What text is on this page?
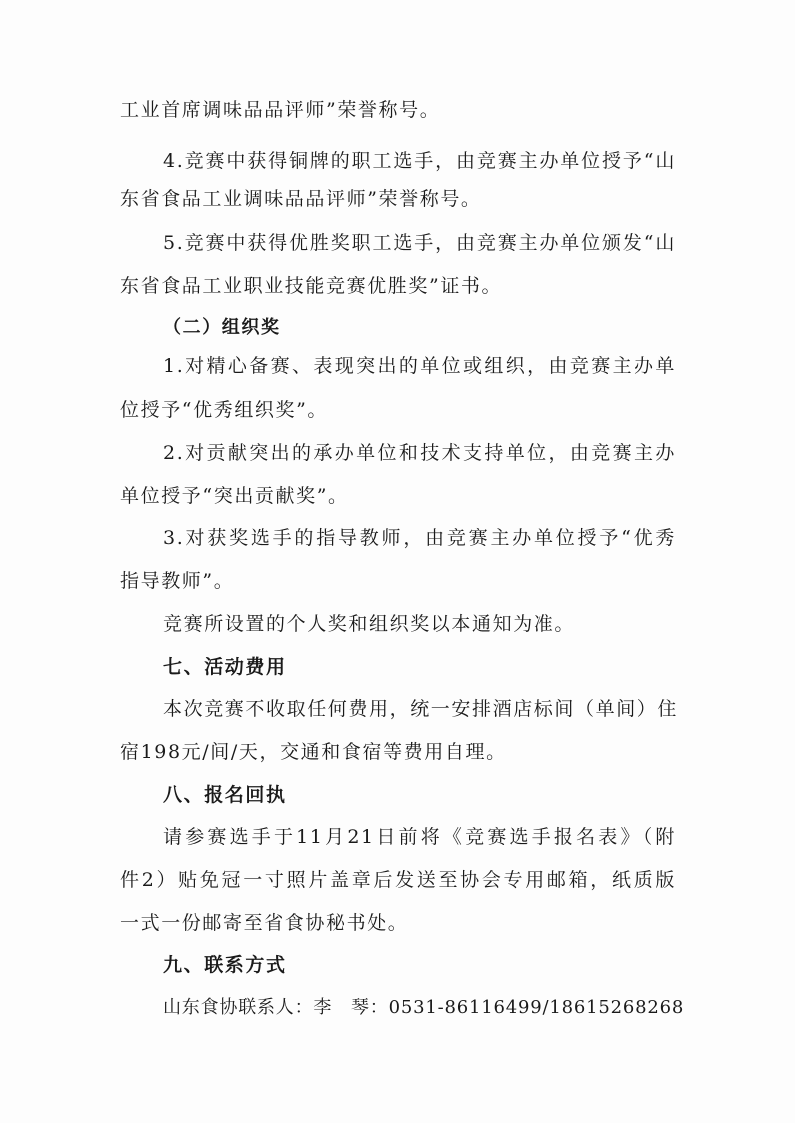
工业首席调味品品评师”荣誉称号。
4.竞赛中获得铜牌的职工选手，由竞赛主办单位授予“山
东省食品工业调味品品评师”荣誉称号。
5.竞赛中获得优胜奖职工选手，由竞赛主办单位颁发“山
东省食品工业职业技能竞赛优胜奖”证书。
（二）组织奖
1.对精心备赛、表现突出的单位或组织，由竞赛主办单
位授予“优秀组织奖”。
2.对贡献突出的承办单位和技术支持单位，由竞赛主办
单位授予“突出贡献奖”。
3.对获奖选手的指导教师，由竞赛主办单位授予“优秀
指导教师”。
竞赛所设置的个人奖和组织奖以本通知为准。
七、活动费用
本次竞赛不收取任何费用，统一安排酒店标间（单间）住
宿198元/间/天，交通和食宿等费用自理。
八、报名回执
请参赛选手于11月21日前将《竞赛选手报名表》（附
件2）贴免冠一寸照片盖章后发送至协会专用邮箱，纸质版
一式一份邮寄至省食协秘书处。
九、联系方式
山东食协联系人：李　琴：0531-86116499/18615268268
